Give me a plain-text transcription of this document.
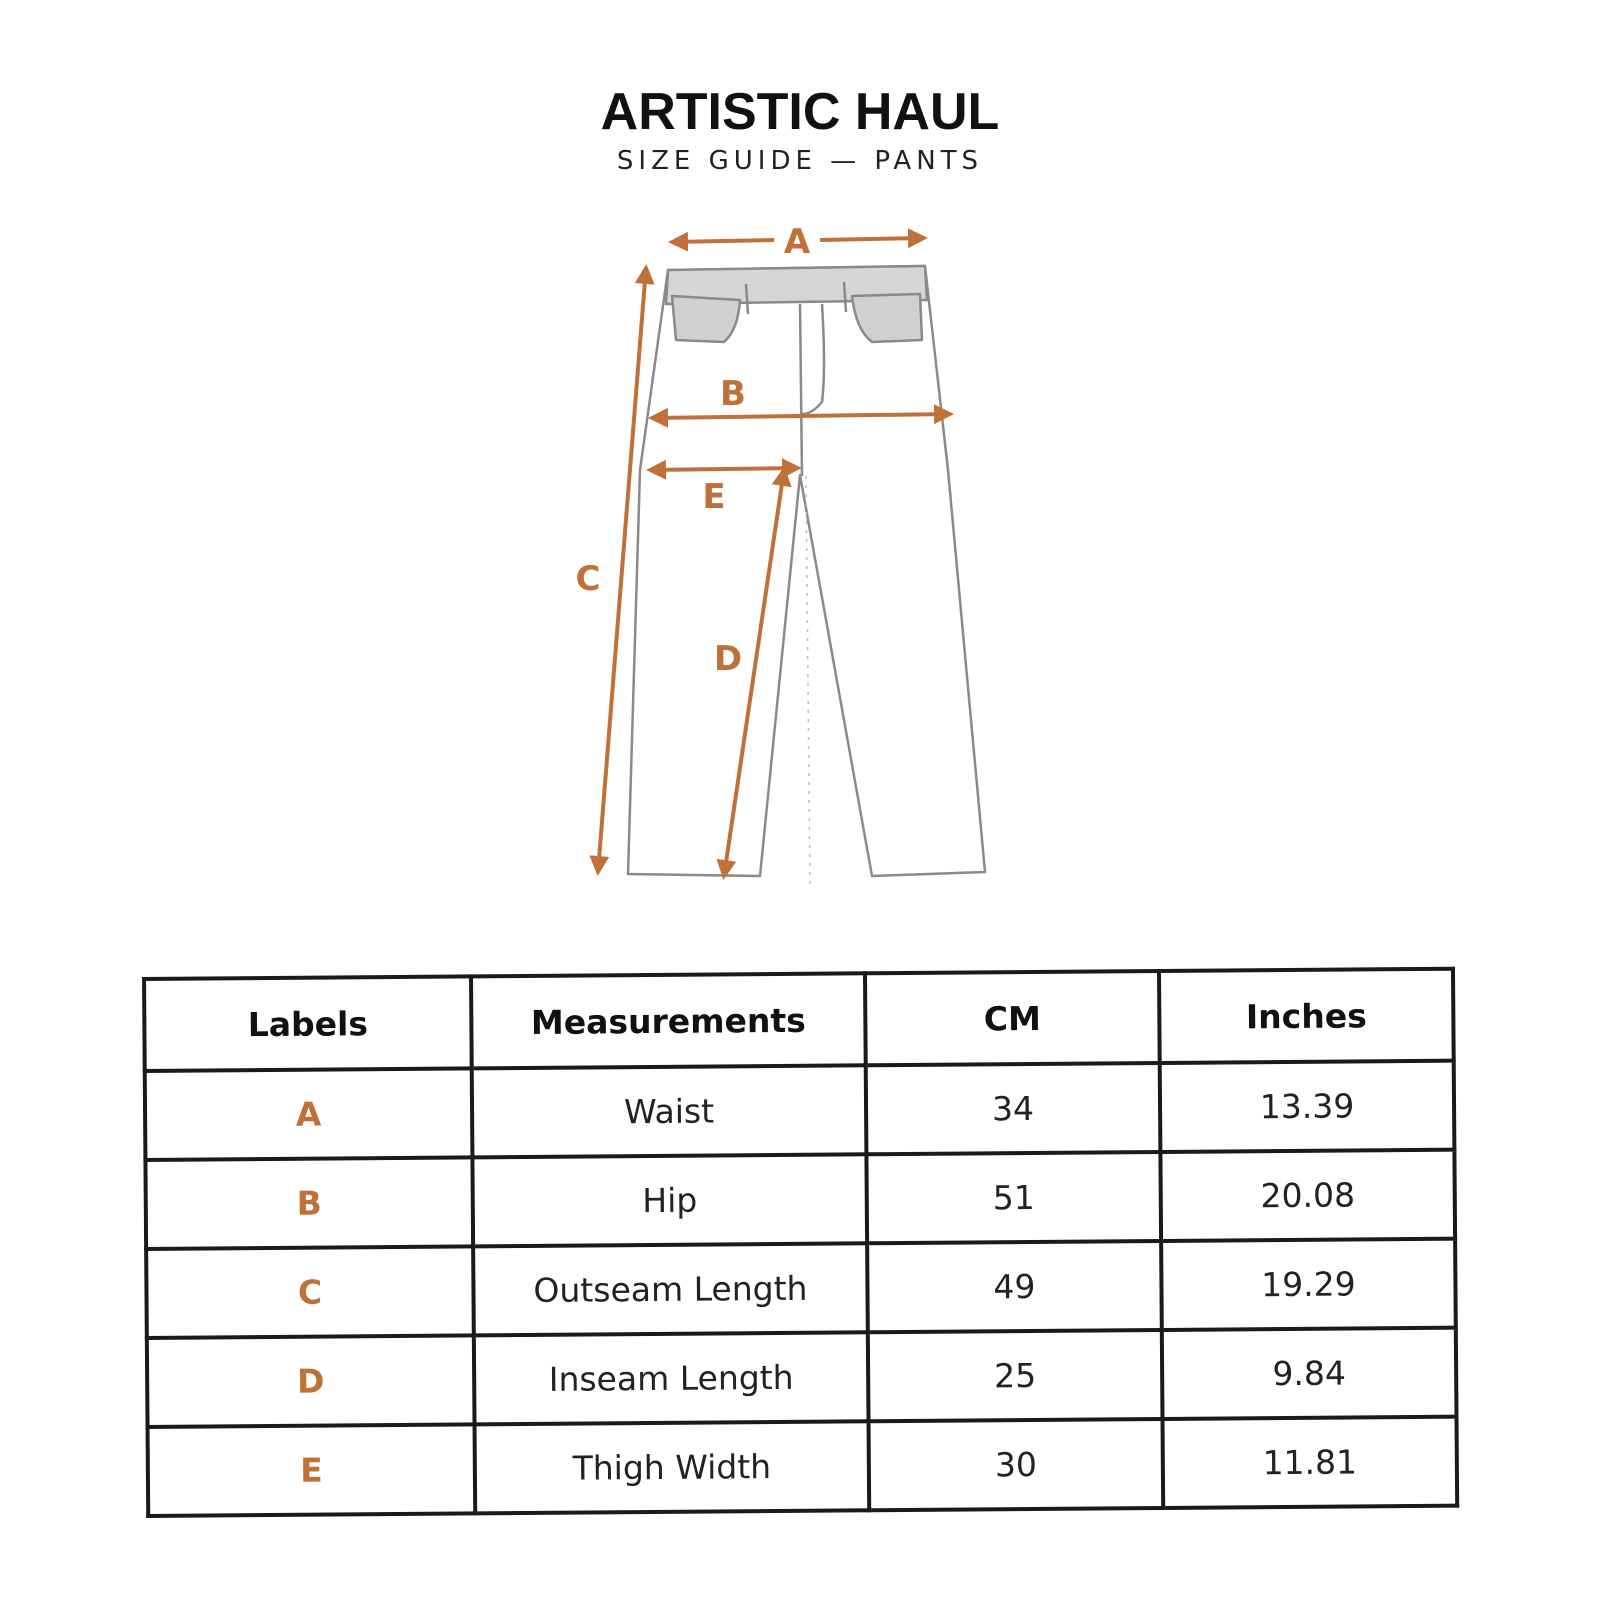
ARTISTIC HAUL
SIZE GUIDE — PANTS
A
B
C
D
E
Labels	Measurements	CM	Inches
A	Waist	34	13.39
B	Hip	51	20.08
C	Outseam Length	49	19.29
D	Inseam Length	25	9.84
E	Thigh Width	30	11.81
